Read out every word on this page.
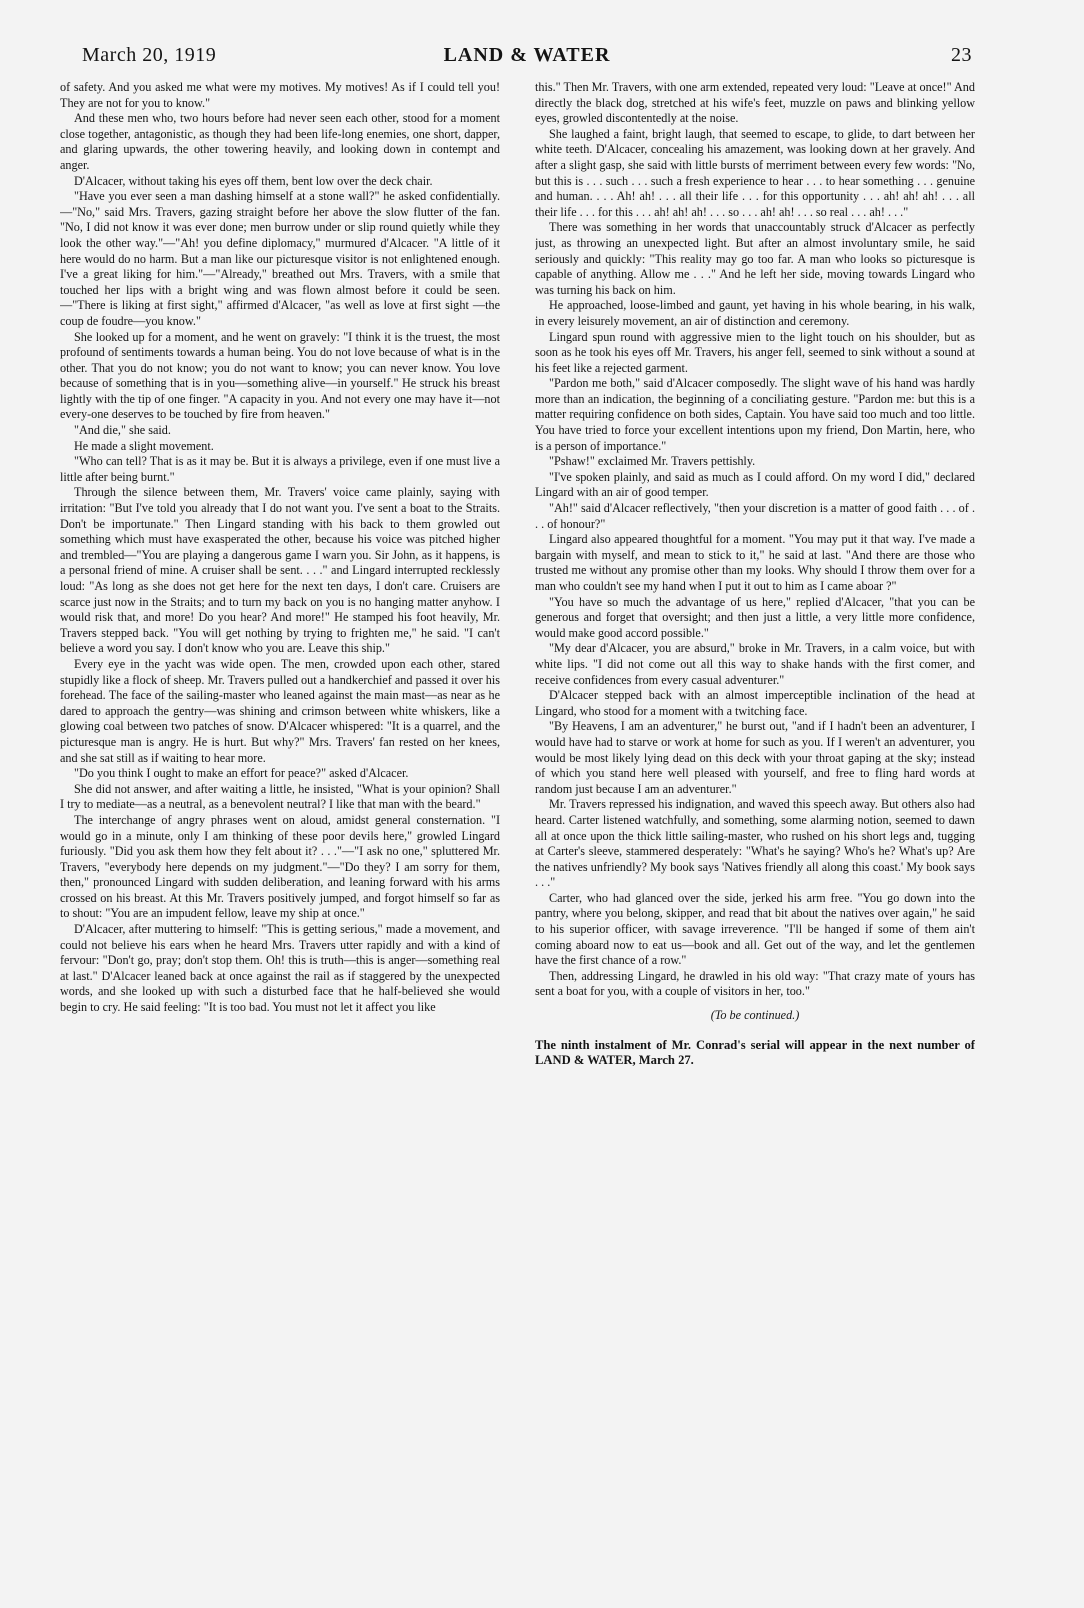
March 20, 1919	LAND & WATER	23

of safety. And you asked me what were my motives. My motives! As if I could tell you! They are not for you to know."

And these men who, two hours before had never seen each other, stood for a moment close together, antagonistic, as though they had been life-long enemies, one short, dapper, and glaring upwards, the other towering heavily, and looking down in contempt and anger.

D'Alcacer, without taking his eyes off them, bent low over the deck chair.

"Have you ever seen a man dashing himself at a stone wall?" he asked confidentially.—"No," said Mrs. Travers, gazing straight before her above the slow flutter of the fan. "No, I did not know it was ever done; men burrow under or slip round quietly while they look the other way."—"Ah! you define diplomacy," murmured d'Alcacer. "A little of it here would do no harm. But a man like our picturesque visitor is not enlightened enough. I've a great liking for him."—"Already," breathed out Mrs. Travers, with a smile that touched her lips with a bright wing and was flown almost before it could be seen.—"There is liking at first sight," affirmed d'Alcacer, "as well as love at first sight —the coup de foudre—you know."

She looked up for a moment, and he went on gravely: "I think it is the truest, the most profound of sentiments towards a human being. You do not love because of what is in the other. That you do not know; you do not want to know; you can never know. You love because of something that is in you—something alive—in yourself." He struck his breast lightly with the tip of one finger. "A capacity in you. And not every one may have it—not every-one deserves to be touched by fire from heaven."

"And die," she said.

He made a slight movement.

"Who can tell? That is as it may be. But it is always a privilege, even if one must live a little after being burnt."

Through the silence between them, Mr. Travers' voice came plainly, saying with irritation: "But I've told you already that I do not want you. I've sent a boat to the Straits. Don't be importunate." Then Lingard standing with his back to them growled out something which must have exasperated the other, because his voice was pitched higher and trembled—"You are playing a dangerous game I warn you. Sir John, as it happens, is a personal friend of mine. A cruiser shall be sent. . . ." and Lingard interrupted recklessly loud: "As long as she does not get here for the next ten days, I don't care. Cruisers are scarce just now in the Straits; and to turn my back on you is no hanging matter anyhow. I would risk that, and more! Do you hear? And more!" He stamped his foot heavily, Mr. Travers stepped back. "You will get nothing by trying to frighten me," he said. "I can't believe a word you say. I don't know who you are. Leave this ship."

Every eye in the yacht was wide open. The men, crowded upon each other, stared stupidly like a flock of sheep. Mr. Travers pulled out a handkerchief and passed it over his forehead. The face of the sailing-master who leaned against the main mast—as near as he dared to approach the gentry—was shining and crimson between white whiskers, like a glowing coal between two patches of snow. D'Alcacer whispered: "It is a quarrel, and the picturesque man is angry. He is hurt. But why?" Mrs. Travers' fan rested on her knees, and she sat still as if waiting to hear more.

"Do you think I ought to make an effort for peace?" asked d'Alcacer.

She did not answer, and after waiting a little, he insisted, "What is your opinion? Shall I try to mediate—as a neutral, as a benevolent neutral? I like that man with the beard."

The interchange of angry phrases went on aloud, amidst general consternation. "I would go in a minute, only I am thinking of these poor devils here," growled Lingard furiously. "Did you ask them how they felt about it? . . ."—"I ask no one," spluttered Mr. Travers, "everybody here depends on my judgment."—"Do they? I am sorry for them, then," pronounced Lingard with sudden deliberation, and leaning forward with his arms crossed on his breast. At this Mr. Travers positively jumped, and forgot himself so far as to shout: "You are an impudent fellow, leave my ship at once."

D'Alcacer, after muttering to himself: "This is getting serious," made a movement, and could not believe his ears when he heard Mrs. Travers utter rapidly and with a kind of fervour: "Don't go, pray; don't stop them. Oh! this is truth—this is anger—something real at last." D'Alcacer leaned back at once against the rail as if staggered by the unexpected words, and she looked up with such a disturbed face that he half-believed she would begin to cry. He said feeling: "It is too bad. You must not let it affect you like

this." Then Mr. Travers, with one arm extended, repeated very loud: "Leave at once!" And directly the black dog, stretched at his wife's feet, muzzle on paws and blinking yellow eyes, growled discontentedly at the noise.

She laughed a faint, bright laugh, that seemed to escape, to glide, to dart between her white teeth. D'Alcacer, concealing his amazement, was looking down at her gravely. And after a slight gasp, she said with little bursts of merriment between every few words: "No, but this is . . . such . . . such a fresh experience to hear . . . to hear something . . . genuine and human. . . . Ah! ah! . . . all their life . . . for this opportunity . . . ah! ah! ah! . . . all their life . . . for this . . . ah! ah! ah! . . . so . . . ah! ah! . . . so real . . . ah! . . ."

There was something in her words that unaccountably struck d'Alcacer as perfectly just, as throwing an unexpected light. But after an almost involuntary smile, he said seriously and quickly: "This reality may go too far. A man who looks so picturesque is capable of anything. Allow me . . ." And he left her side, moving towards Lingard who was turning his back on him.

He approached, loose-limbed and gaunt, yet having in his whole bearing, in his walk, in every leisurely movement, an air of distinction and ceremony.

Lingard spun round with aggressive mien to the light touch on his shoulder, but as soon as he took his eyes off Mr. Travers, his anger fell, seemed to sink without a sound at his feet like a rejected garment.

"Pardon me both," said d'Alcacer composedly. The slight wave of his hand was hardly more than an indication, the beginning of a conciliating gesture. "Pardon me: but this is a matter requiring confidence on both sides, Captain. You have said too much and too little. You have tried to force your excellent intentions upon my friend, Don Martin, here, who is a person of importance."

"Pshaw!" exclaimed Mr. Travers pettishly.

"I've spoken plainly, and said as much as I could afford. On my word I did," declared Lingard with an air of good temper.

"Ah!" said d'Alcacer reflectively, "then your discretion is a matter of good faith . . . of . . . of honour?"

Lingard also appeared thoughtful for a moment. "You may put it that way. I've made a bargain with myself, and mean to stick to it," he said at last. "And there are those who trusted me without any promise other than my looks. Why should I throw them over for a man who couldn't see my hand when I put it out to him as I came aboar ?"

"You have so much the advantage of us here," replied d'Alcacer, "that you can be generous and forget that oversight; and then just a little, a very little more confidence, would make good accord possible."

"My dear d'Alcacer, you are absurd," broke in Mr. Travers, in a calm voice, but with white lips. "I did not come out all this way to shake hands with the first comer, and receive confidences from every casual adventurer."

D'Alcacer stepped back with an almost imperceptible inclination of the head at Lingard, who stood for a moment with a twitching face.

"By Heavens, I am an adventurer," he burst out, "and if I hadn't been an adventurer, I would have had to starve or work at home for such as you. If I weren't an adventurer, you would be most likely lying dead on this deck with your throat gaping at the sky; instead of which you stand here well pleased with yourself, and free to fling hard words at random just because I am an adventurer."

Mr. Travers repressed his indignation, and waved this speech away. But others also had heard. Carter listened watchfully, and something, some alarming notion, seemed to dawn all at once upon the thick little sailing-master, who rushed on his short legs and, tugging at Carter's sleeve, stammered desperately: "What's he saying? Who's he? What's up? Are the natives unfriendly? My book says 'Natives friendly all along this coast.' My book says . . ."

Carter, who had glanced over the side, jerked his arm free. "You go down into the pantry, where you belong, skipper, and read that bit about the natives over again," he said to his superior officer, with savage irreverence. "I'll be hanged if some of them ain't coming aboard now to eat us—book and all. Get out of the way, and let the gentlemen have the first chance of a row."

Then, addressing Lingard, he drawled in his old way: "That crazy mate of yours has sent a boat for you, with a couple of visitors in her, too."

(To be continued.)

The ninth instalment of Mr. Conrad's serial will appear in the next number of LAND & WATER, March 27.
